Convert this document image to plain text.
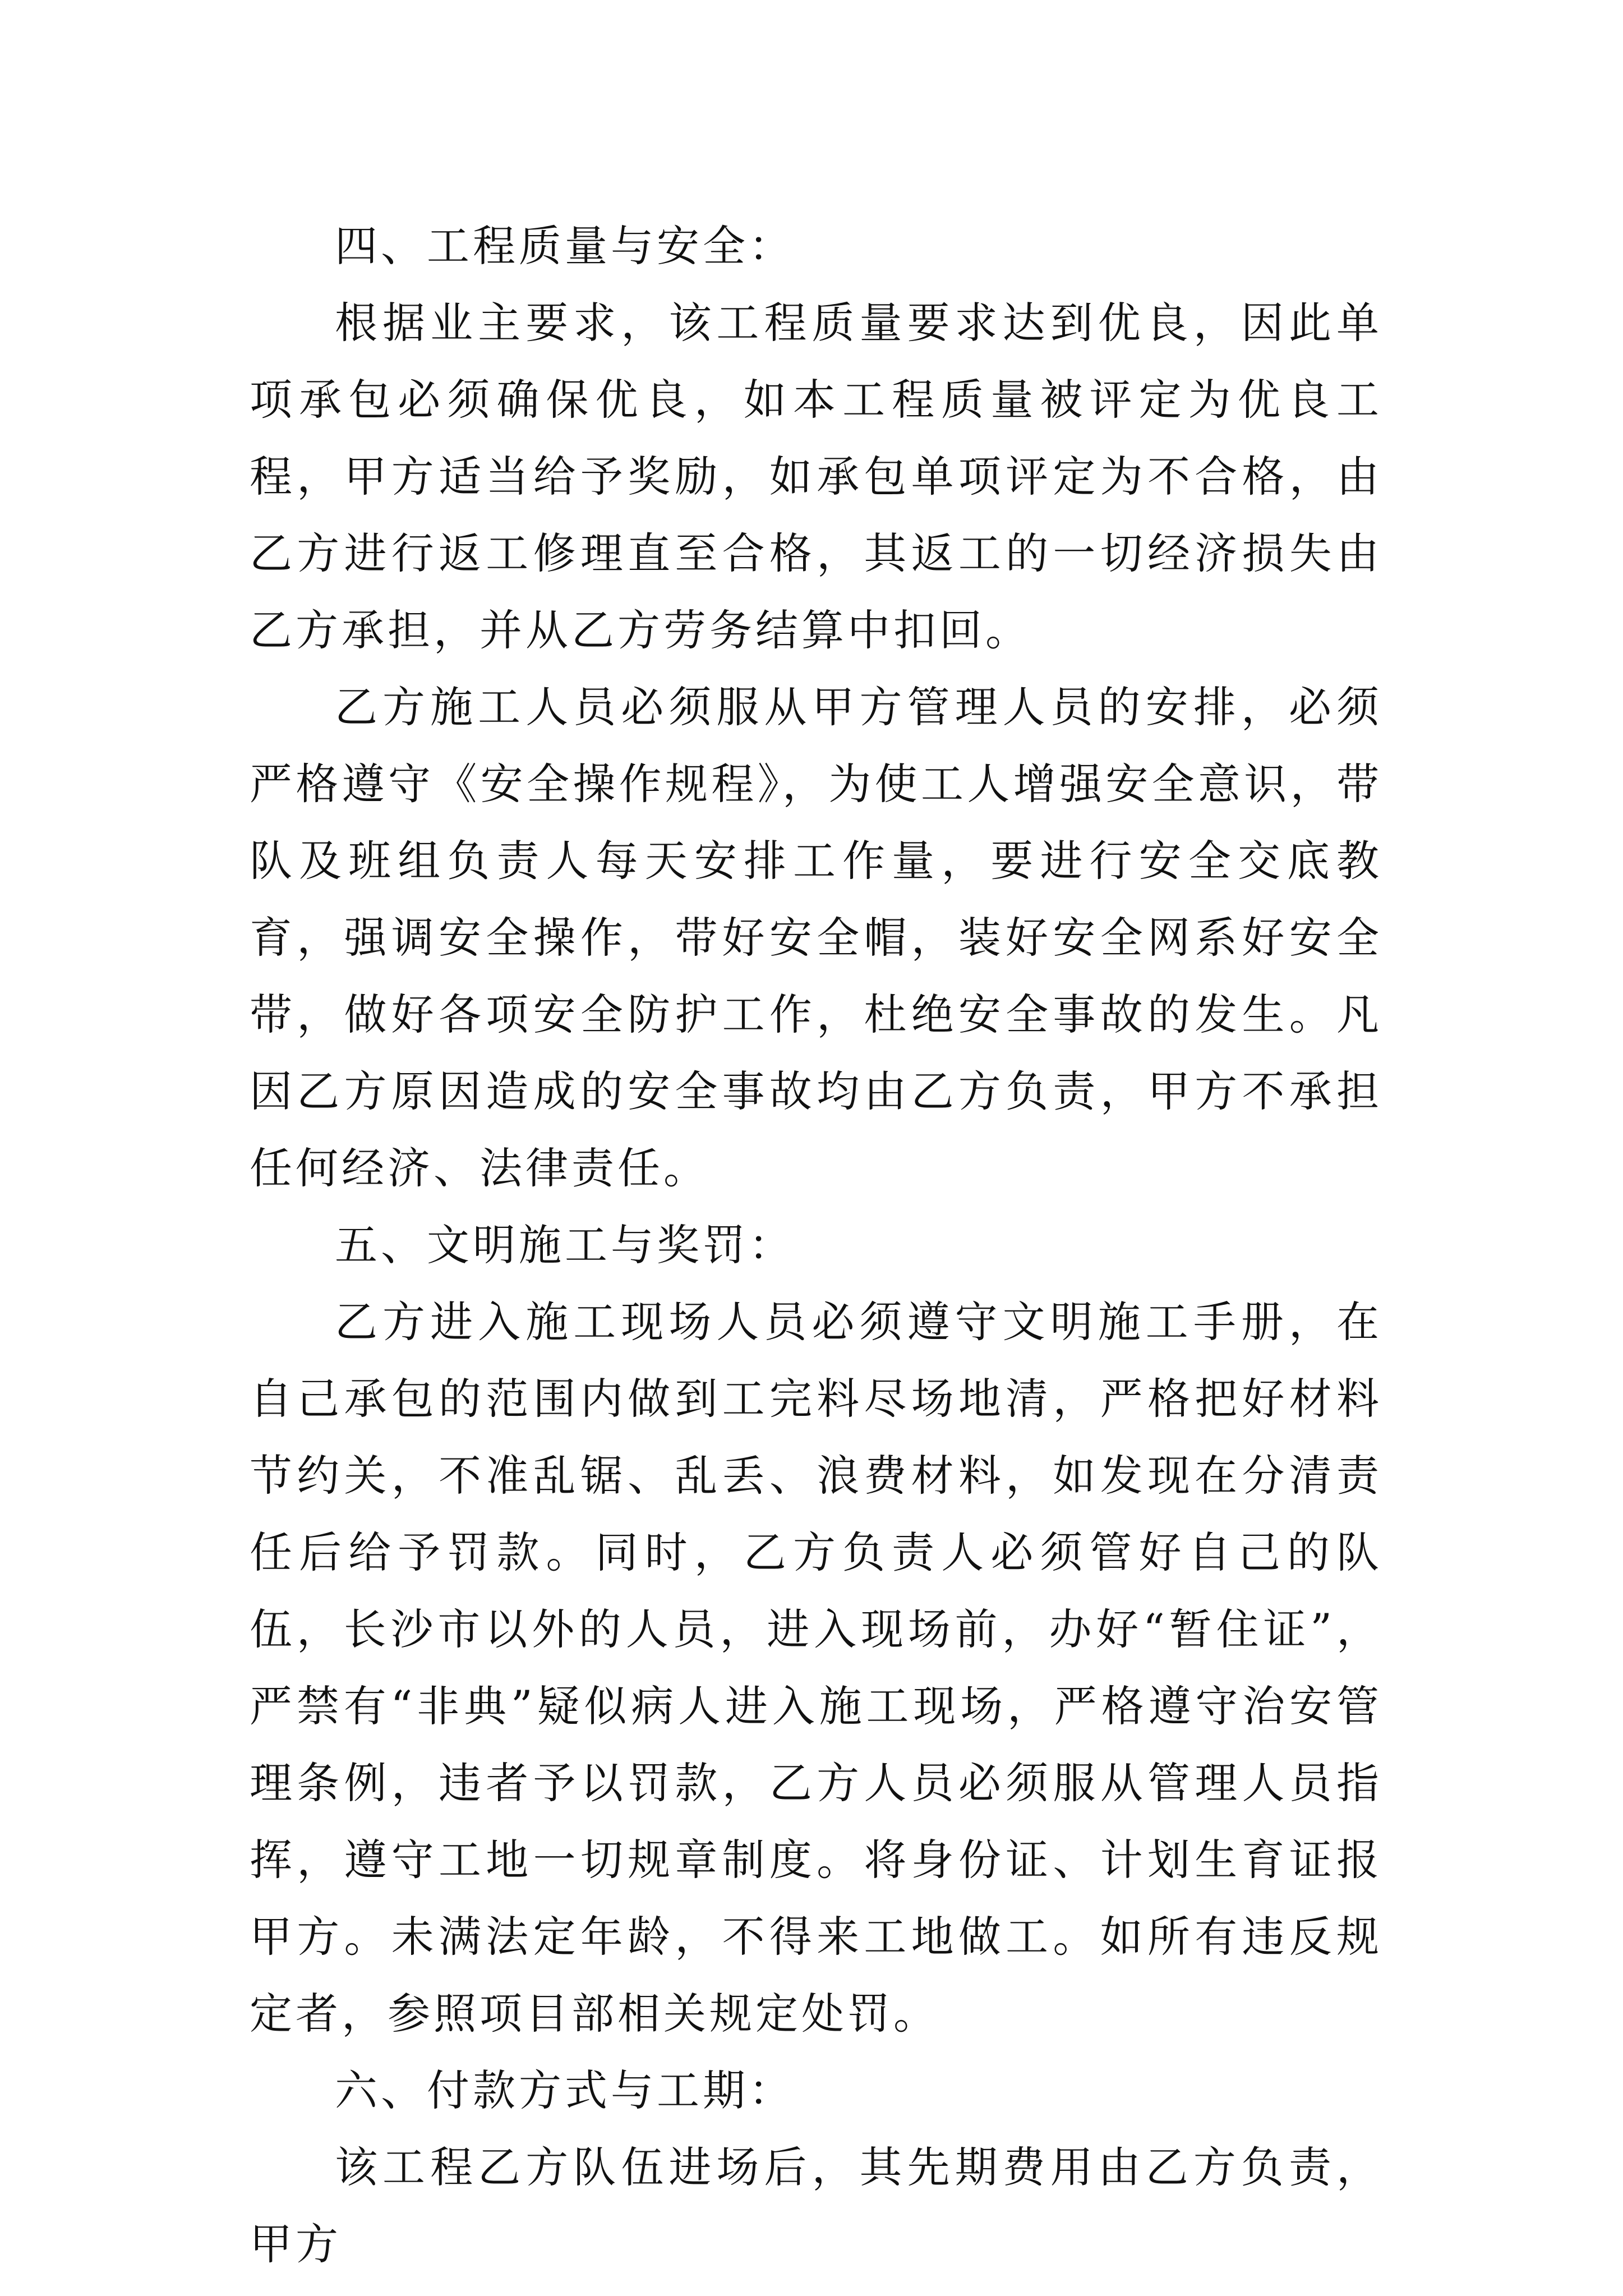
四、工程质量与安全：

根据业主要求，该工程质量要求达到优良，因此单项承包必须确保优良，如本工程质量被评定为优良工程，甲方适当给予奖励，如承包单项评定为不合格，由乙方进行返工修理直至合格，其返工的一切经济损失由乙方承担，并从乙方劳务结算中扣回。

乙方施工人员必须服从甲方管理人员的安排，必须严格遵守《安全操作规程》，为使工人增强安全意识，带队及班组负责人每天安排工作量，要进行安全交底教育，强调安全操作，带好安全帽，装好安全网系好安全带，做好各项安全防护工作，杜绝安全事故的发生。凡因乙方原因造成的安全事故均由乙方负责，甲方不承担任何经济、法律责任。

五、文明施工与奖罚：

乙方进入施工现场人员必须遵守文明施工手册，在自己承包的范围内做到工完料尽场地清，严格把好材料节约关，不准乱锯、乱丢、浪费材料，如发现在分清责任后给予罚款。同时，乙方负责人必须管好自己的队伍，长沙市以外的人员，进入现场前，办好“暂住证”，严禁有“非典”疑似病人进入施工现场，严格遵守治安管理条例，违者予以罚款，乙方人员必须服从管理人员指挥，遵守工地一切规章制度。将身份证、计划生育证报甲方。未满法定年龄，不得来工地做工。如所有违反规定者，参照项目部相关规定处罚。

六、付款方式与工期：

该工程乙方队伍进场后，其先期费用由乙方负责，甲方
